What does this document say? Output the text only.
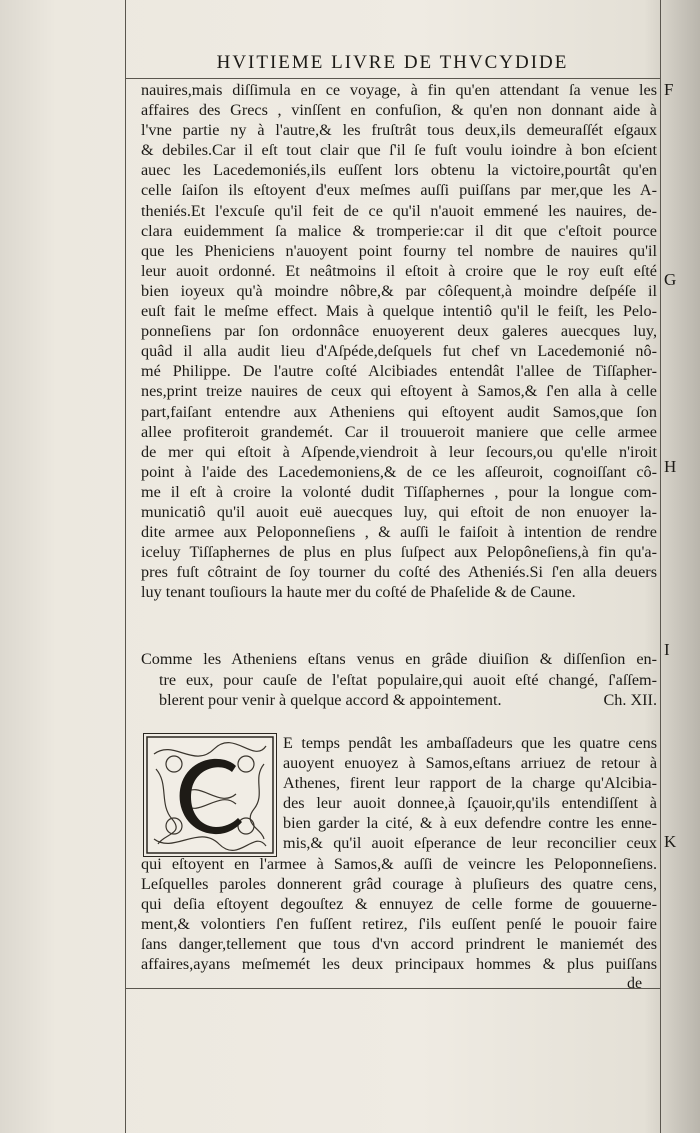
HVITIEME LIVRE DE THVCYDIDE
F
G
H
I
K
nauires,mais diſſimula en ce voyage, à fin qu'en attendant ſa venue les
affaires des Grecs , vinſſent en confuſion, & qu'en non donnant aide à
l'vne partie ny à l'autre,& les fruſtrât tous deux,ils demeuraſſét eſgaux
& debiles.Car il eſt tout clair que ſ'il ſe fuſt voulu ioindre à bon eſcient
auec les Lacedemoniés,ils euſſent lors obtenu la victoire,pourtât qu'en
celle ſaiſon ils eſtoyent d'eux meſmes auſſi puiſſans par mer,que les A-
theniés.Et l'excuſe qu'il feit de ce qu'il n'auoit emmené les nauires, de-
clara euidemment ſa malice & tromperie:car il dit que c'eſtoit pource
que les Pheniciens n'auoyent point fourny tel nombre de nauires qu'il
leur auoit ordonné. Et neâtmoins il eſtoit à croire que le roy euſt eſté
bien ioyeux qu'à moindre nôbre,& par côſequent,à moindre deſpéſe il
euſt fait le meſme effect. Mais à quelque intentiô qu'il le feiſt, les Pelo-
ponneſiens par ſon ordonnâce enuoyerent deux galeres auecques luy,
quâd il alla audit lieu d'Aſpéde,deſquels fut chef vn Lacedemonié nô-
mé Philippe. De l'autre coſté Alcibiades entendât l'allee de Tiſſapher-
nes,print treize nauires de ceux qui eſtoyent à Samos,& ſ'en alla à celle
part,faiſant entendre aux Atheniens qui eſtoyent audit Samos,que ſon
allee profiteroit grandemét. Car il trouueroit maniere que celle armee
de mer qui eſtoit à Aſpende,viendroit à leur ſecours,ou qu'elle n'iroit
point à l'aide des Lacedemoniens,& de ce les aſſeuroit, cognoiſſant cô-
me il eſt à croire la volonté dudit Tiſſaphernes , pour la longue com-
municatiô qu'il auoit euë auecques luy, qui eſtoit de non enuoyer la-
dite armee aux Peloponneſiens , & auſſi le faiſoit à intention de rendre
iceluy Tiſſaphernes de plus en plus ſuſpect aux Pelopôneſiens,à fin qu'a-
pres fuſt côtraint de ſoy tourner du coſté des Atheniés.Si ſ'en alla deuers
luy tenant touſiours la haute mer du coſté de Phaſelide & de Caune.
Comme les Atheniens eſtans venus en grâde diuiſion & diſſenſion en-
tre eux, pour cauſe de l'eſtat populaire,qui auoit eſté changé, ſ'aſſem-
blerent pour venir à quelque accord & appointement.	Ch. XII.
E temps pendât les ambaſſadeurs que les quatre cens
auoyent enuoyez à Samos,eſtans arriuez de retour à
Athenes, firent leur rapport de la charge qu'Alcibia-
des leur auoit donnee,à ſçauoir,qu'ils entendiſſent à
bien garder la cité, & à eux defendre contre les enne-
mis,& qu'il auoit eſperance de leur reconcilier ceux
qui eſtoyent en l'armee à Samos,& auſſi de veincre les Peloponneſiens.
Leſquelles paroles donnerent grâd courage à pluſieurs des quatre cens,
qui deſia eſtoyent degouſtez & ennuyez de celle forme de gouuerne-
ment,& volontiers ſ'en fuſſent retirez, ſ'ils euſſent penſé le pouoir faire
ſans danger,tellement que tous d'vn accord prindrent le maniemét des
affaires,ayans meſmemét les deux principaux hommes & plus puiſſans
de
